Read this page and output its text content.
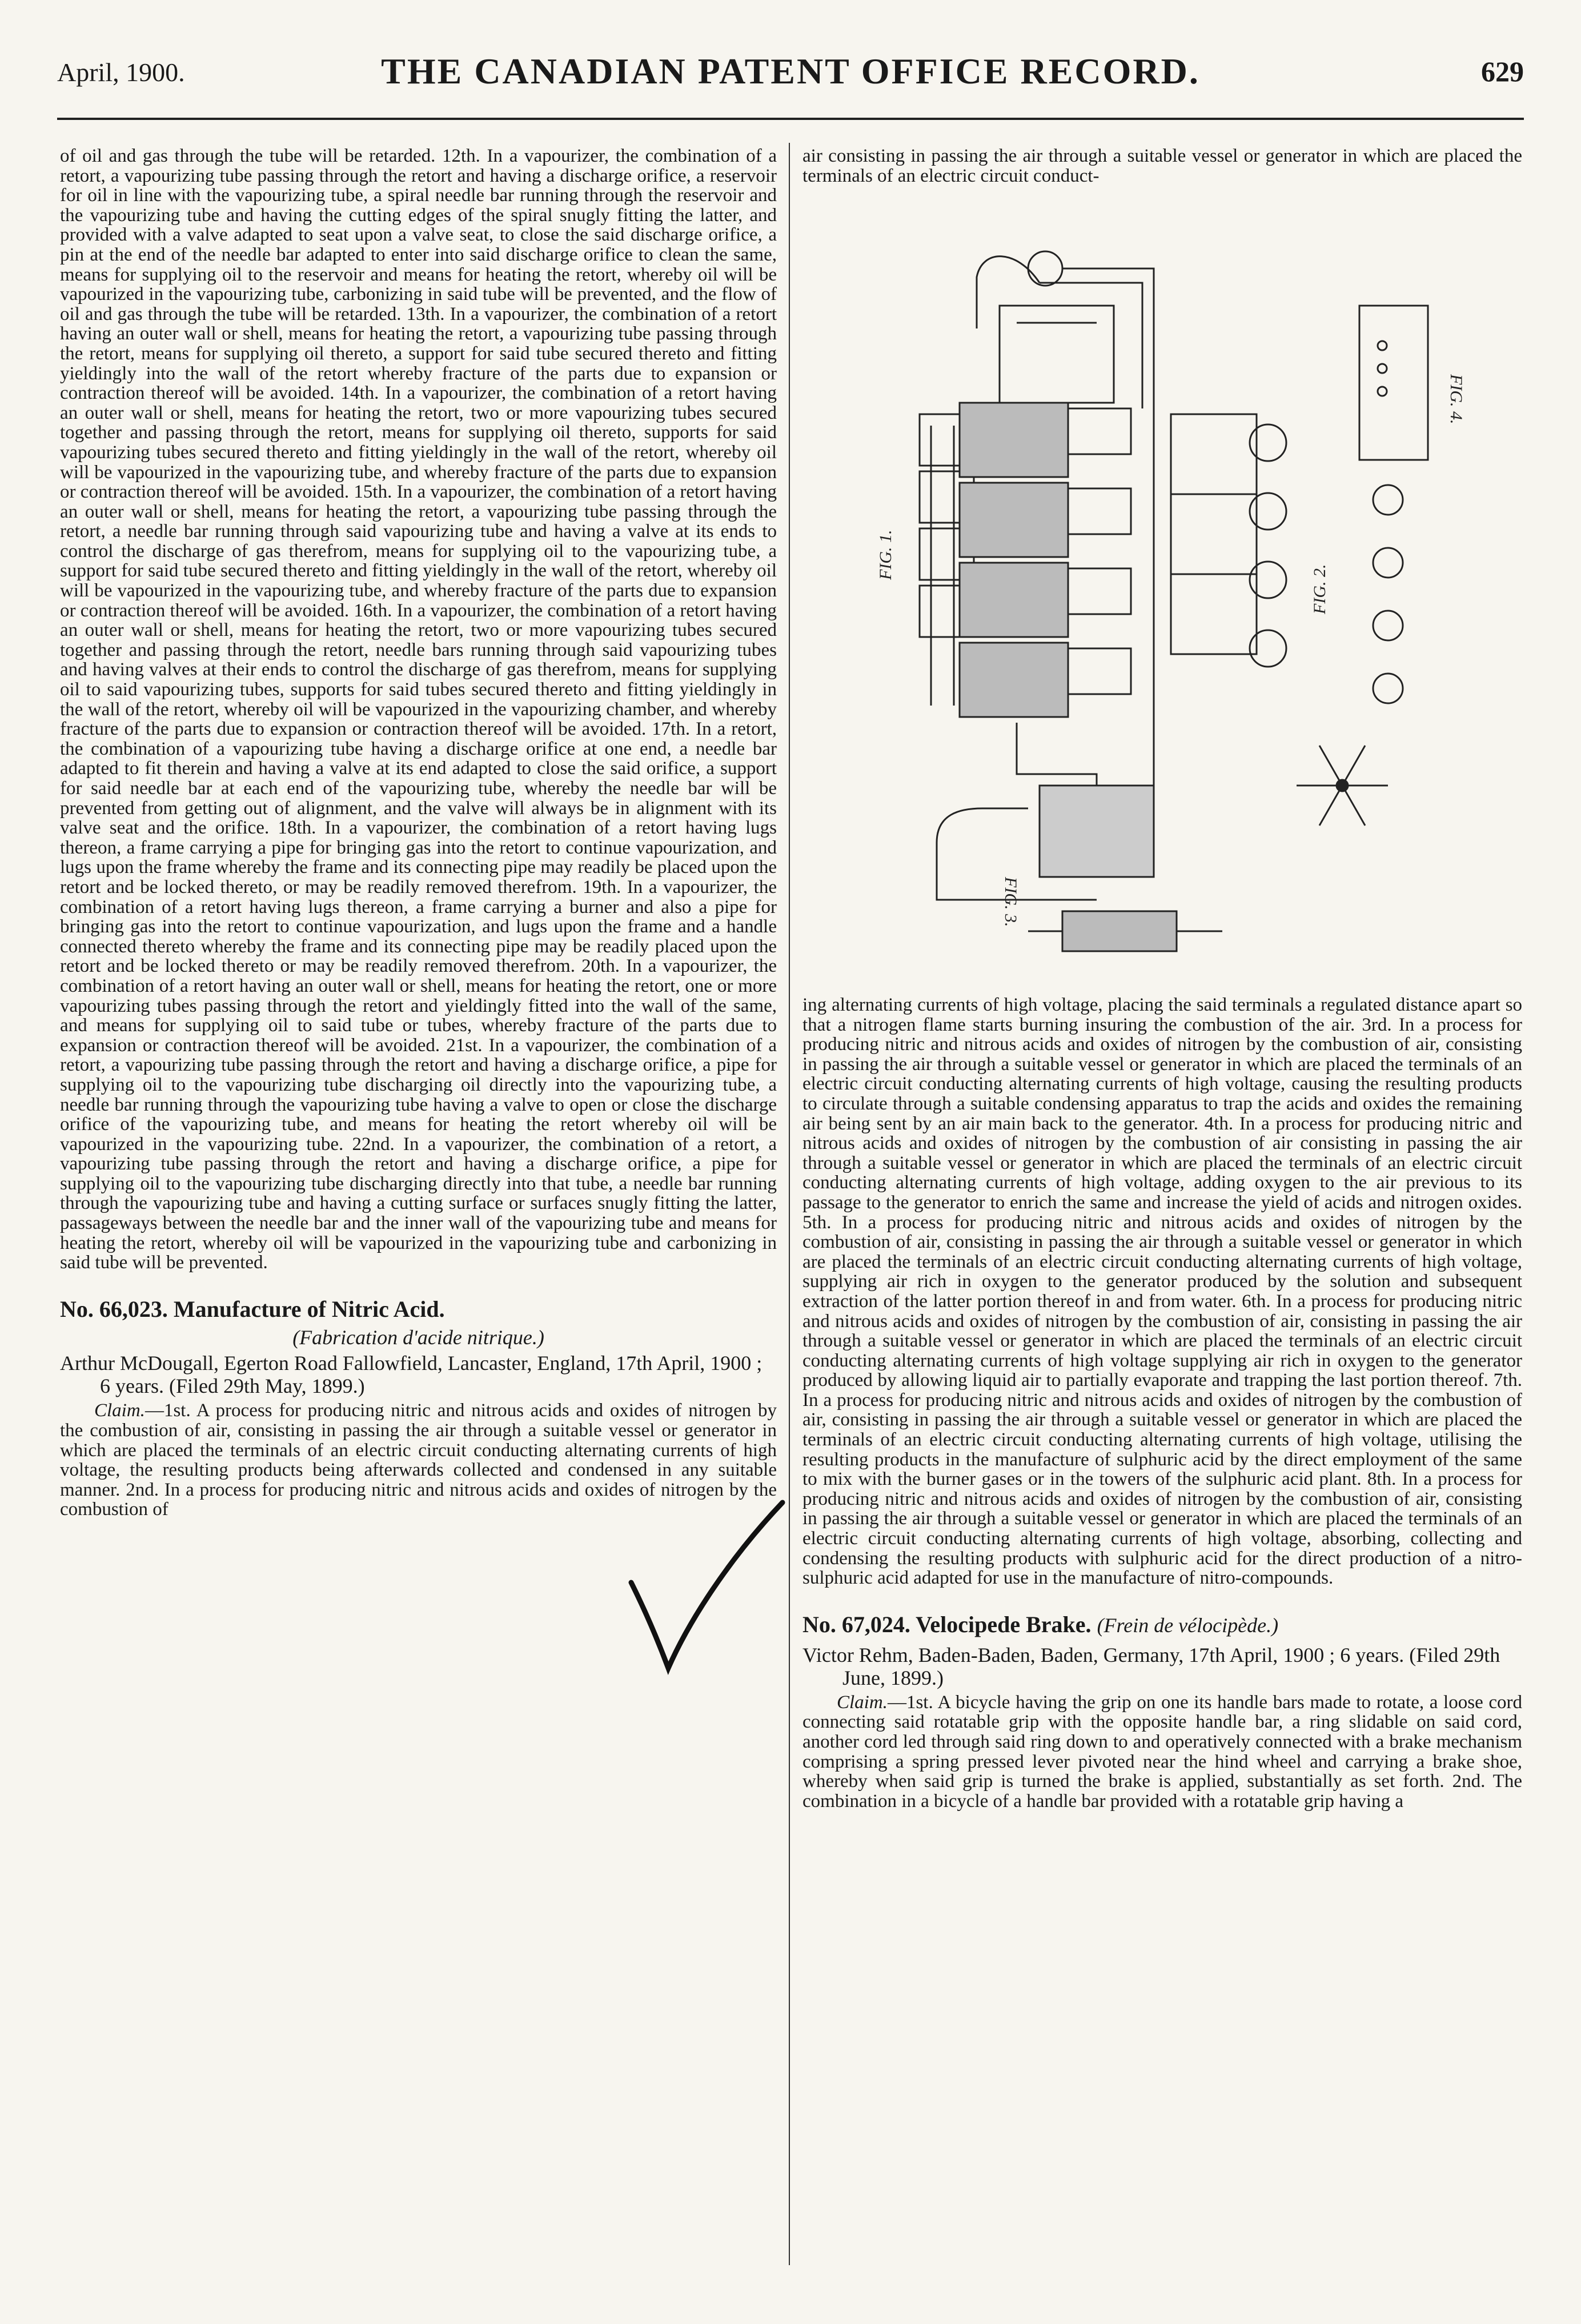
April, 1900.	THE CANADIAN PATENT OFFICE RECORD.	629

of oil and gas through the tube will be retarded. 12th. In a vapourizer, the combination of a retort, a vapourizing tube passing through the retort and having a discharge orifice, a reservoir for oil in line with the vapourizing tube, a spiral needle bar running through the reservoir and the vapourizing tube and having the cutting edges of the spiral snugly fitting the latter, and provided with a valve adapted to seat upon a valve seat, to close the said discharge orifice, a pin at the end of the needle bar adapted to enter into said discharge orifice to clean the same, means for supplying oil to the reservoir and means for heating the retort, whereby oil will be vapourized in the vapourizing tube, carbonizing in said tube will be prevented, and the flow of oil and gas through the tube will be retarded. 13th. In a vapourizer, the combination of a retort having an outer wall or shell, means for heating the retort, a vapourizing tube passing through the retort, means for supplying oil thereto, a support for said tube secured thereto and fitting yieldingly into the wall of the retort whereby fracture of the parts due to expansion or contraction thereof will be avoided. 14th. In a vapourizer, the combination of a retort having an outer wall or shell, means for heating the retort, two or more vapourizing tubes secured together and passing through the retort, means for supplying oil thereto, supports for said vapourizing tubes secured thereto and fitting yieldingly in the wall of the retort, whereby oil will be vapourized in the vapourizing tube, and whereby fracture of the parts due to expansion or contraction thereof will be avoided. 15th. In a vapourizer, the combination of a retort having an outer wall or shell, means for heating the retort, a vapourizing tube passing through the retort, a needle bar running through said vapourizing tube and having a valve at its ends to control the discharge of gas therefrom, means for supplying oil to the vapourizing tube, a support for said tube secured thereto and fitting yieldingly in the wall of the retort, whereby oil will be vapourized in the vapourizing tube, and whereby fracture of the parts due to expansion or contraction thereof will be avoided. 16th. In a vapourizer, the combination of a retort having an outer wall or shell, means for heating the retort, two or more vapourizing tubes secured together and passing through the retort, needle bars running through said vapourizing tubes and having valves at their ends to control the discharge of gas therefrom, means for supplying oil to said vapourizing tubes, supports for said tubes secured thereto and fitting yieldingly in the wall of the retort, whereby oil will be vapourized in the vapourizing chamber, and whereby fracture of the parts due to expansion or contraction thereof will be avoided. 17th. In a retort, the combination of a vapourizing tube having a discharge orifice at one end, a needle bar adapted to fit therein and having a valve at its end adapted to close the said orifice, a support for said needle bar at each end of the vapourizing tube, whereby the needle bar will be prevented from getting out of alignment, and the valve will always be in alignment with its valve seat and the orifice. 18th. In a vapourizer, the combination of a retort having lugs thereon, a frame carrying a pipe for bringing gas into the retort to continue vapourization, and lugs upon the frame whereby the frame and its connecting pipe may readily be placed upon the retort and be locked thereto, or may be readily removed therefrom. 19th. In a vapourizer, the combination of a retort having lugs thereon, a frame carrying a burner and also a pipe for bringing gas into the retort to continue vapourization, and lugs upon the frame and a handle connected thereto whereby the frame and its connecting pipe may be readily placed upon the retort and be locked thereto or may be readily removed therefrom. 20th. In a vapourizer, the combination of a retort having an outer wall or shell, means for heating the retort, one or more vapourizing tubes passing through the retort and yieldingly fitted into the wall of the same, and means for supplying oil to said tube or tubes, whereby fracture of the parts due to expansion or contraction thereof will be avoided. 21st. In a vapourizer, the combination of a retort, a vapourizing tube passing through the retort and having a discharge orifice, a pipe for supplying oil to the vapourizing tube discharging oil directly into the vapourizing tube, a needle bar running through the vapourizing tube having a valve to open or close the discharge orifice of the vapourizing tube, and means for heating the retort whereby oil will be vapourized in the vapourizing tube. 22nd. In a vapourizer, the combination of a retort, a vapourizing tube passing through the retort and having a discharge orifice, a pipe for supplying oil to the vapourizing tube discharging directly into that tube, a needle bar running through the vapourizing tube and having a cutting surface or surfaces snugly fitting the latter, passageways between the needle bar and the inner wall of the vapourizing tube and means for heating the retort, whereby oil will be vapourized in the vapourizing tube and carbonizing in said tube will be prevented.

No. 66,023. Manufacture of Nitric Acid.
(Fabrication d'acide nitrique.)
Arthur McDougall, Egerton Road Fallowfield, Lancaster, England, 17th April, 1900 ; 6 years. (Filed 29th May, 1899.)

Claim.—1st. A process for producing nitric and nitrous acids and oxides of nitrogen by the combustion of air, consisting in passing the air through a suitable vessel or generator in which are placed the terminals of an electric circuit conducting alternating currents of high voltage, the resulting products being afterwards collected and condensed in any suitable manner. 2nd. In a process for producing nitric and nitrous acids and oxides of nitrogen by the combustion of

air consisting in passing the air through a suitable vessel or generator in which are placed the terminals of an electric circuit conduct-

FIG. 1.
FIG. 2.
FIG. 3.
FIG. 4.

ing alternating currents of high voltage, placing the said terminals a regulated distance apart so that a nitrogen flame starts burning insuring the combustion of the air. 3rd. In a process for producing nitric and nitrous acids and oxides of nitrogen by the combustion of air, consisting in passing the air through a suitable vessel or generator in which are placed the terminals of an electric circuit conducting alternating currents of high voltage, causing the resulting products to circulate through a suitable condensing apparatus to trap the acids and oxides the remaining air being sent by an air main back to the generator. 4th. In a process for producing nitric and nitrous acids and oxides of nitrogen by the combustion of air consisting in passing the air through a suitable vessel or generator in which are placed the terminals of an electric circuit conducting alternating currents of high voltage, adding oxygen to the air previous to its passage to the generator to enrich the same and increase the yield of acids and nitrogen oxides. 5th. In a process for producing nitric and nitrous acids and oxides of nitrogen by the combustion of air, consisting in passing the air through a suitable vessel or generator in which are placed the terminals of an electric circuit conducting alternating currents of high voltage, supplying air rich in oxygen to the generator produced by the solution and subsequent extraction of the latter portion thereof in and from water. 6th. In a process for producing nitric and nitrous acids and oxides of nitrogen by the combustion of air, consisting in passing the air through a suitable vessel or generator in which are placed the terminals of an electric circuit conducting alternating currents of high voltage supplying air rich in oxygen to the generator produced by allowing liquid air to partially evaporate and trapping the last portion thereof. 7th. In a process for producing nitric and nitrous acids and oxides of nitrogen by the combustion of air, consisting in passing the air through a suitable vessel or generator in which are placed the terminals of an electric circuit conducting alternating currents of high voltage, utilising the resulting products in the manufacture of sulphuric acid by the direct employment of the same to mix with the burner gases or in the towers of the sulphuric acid plant. 8th. In a process for producing nitric and nitrous acids and oxides of nitrogen by the combustion of air, consisting in passing the air through a suitable vessel or generator in which are placed the terminals of an electric circuit conducting alternating currents of high voltage, absorbing, collecting and condensing the resulting products with sulphuric acid for the direct production of a nitro-sulphuric acid adapted for use in the manufacture of nitro-compounds.

No. 67,024. Velocipede Brake. (Frein de vélocipède.)
Victor Rehm, Baden-Baden, Baden, Germany, 17th April, 1900 ; 6 years. (Filed 29th June, 1899.)

Claim.—1st. A bicycle having the grip on one its handle bars made to rotate, a loose cord connecting said rotatable grip with the opposite handle bar, a ring slidable on said cord, another cord led through said ring down to and operatively connected with a brake mechanism comprising a spring pressed lever pivoted near the hind wheel and carrying a brake shoe, whereby when said grip is turned the brake is applied, substantially as set forth. 2nd. The combination in a bicycle of a handle bar provided with a rotatable grip having a
